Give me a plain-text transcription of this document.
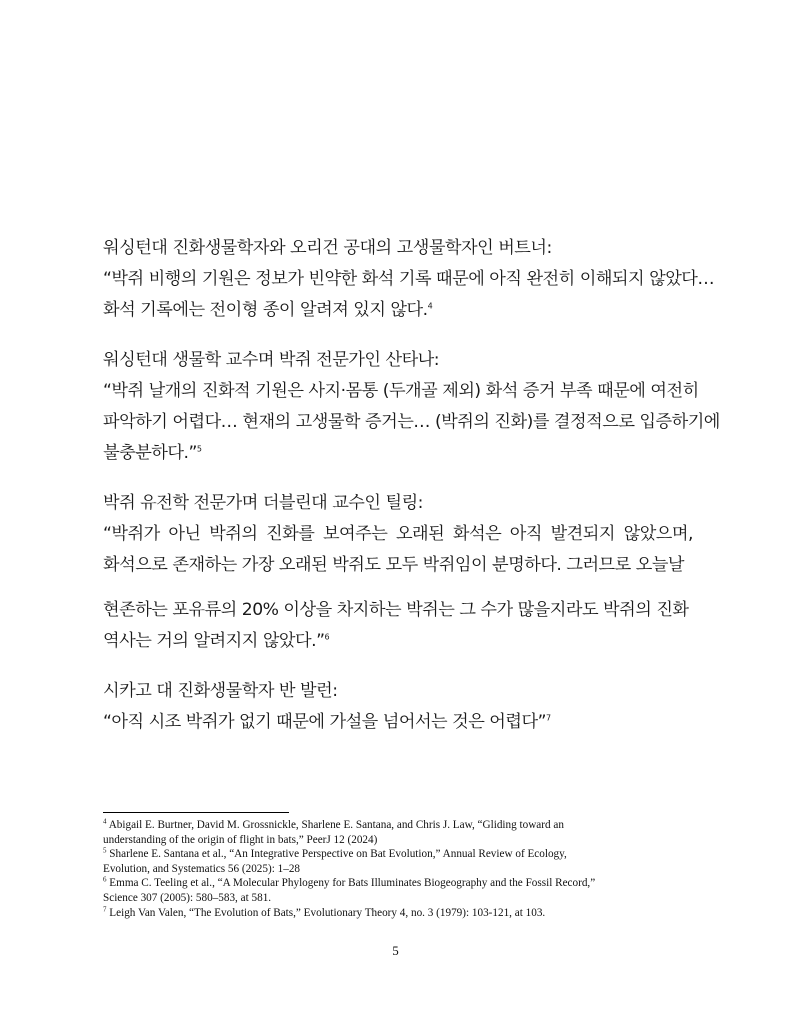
워싱턴대 진화생물학자와 오리건 공대의 고생물학자인 버트너:
“박쥐 비행의 기원은 정보가 빈약한 화석 기록 때문에 아직 완전히 이해되지 않았다…
화석 기록에는 전이형 종이 알려져 있지 않다.$^4$
워싱턴대 생물학 교수며 박쥐 전문가인 산타나:
“박쥐 날개의 진화적 기원은 사지·몸통 (두개골 제외) 화석 증거 부족 때문에 여전히
파악하기 어렵다… 현재의 고생물학 증거는… (박쥐의 진화)를 결정적으로 입증하기에
불충분하다.”$^5$
박쥐 유전학 전문가며 더블린대 교수인 틸링:
“박쥐가 아닌 박쥐의 진화를 보여주는 오래된 화석은 아직 발견되지 않았으며,
화석으로 존재하는 가장 오래된 박쥐도 모두 박쥐임이 분명하다. 그러므로 오늘날
현존하는 포유류의 20% 이상을 차지하는 박쥐는 그 수가 많을지라도 박쥐의 진화
역사는 거의 알려지지 않았다.”$^6$
시카고 대 진화생물학자 반 발런:
“아직 시조 박쥐가 없기 때문에 가설을 넘어서는 것은 어렵다”$^7$

$^4$ Abigail E. Burtner, David M. Grossnickle, Sharlene E. Santana, and Chris J. Law, “Gliding toward an
understanding of the origin of flight in bats,” PeerJ 12 (2024)

$^5$ Sharlene E. Santana et al., “An Integrative Perspective on Bat Evolution,” Annual Review of Ecology,
Evolution, and Systematics 56 (2025): 1–28

$^6$ Emma C. Teeling et al., “A Molecular Phylogeny for Bats Illuminates Biogeography and the Fossil Record,”
Science 307 (2005): 580–583, at 581.

$^7$ Leigh Van Valen, “The Evolution of Bats,” Evolutionary Theory 4, no. 3 (1979): 103-121, at 103.

5
